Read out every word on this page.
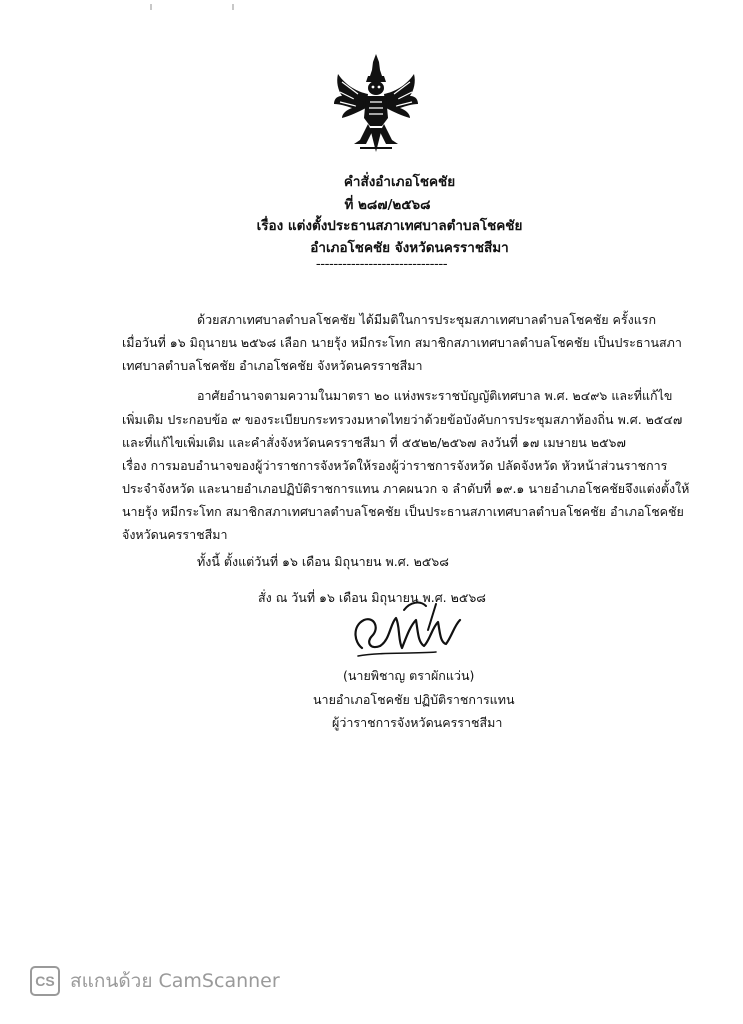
คำสั่งอำเภอโชคชัย
ที่ ๒๘๗/๒๕๖๘
เรื่อง แต่งตั้งประธานสภาเทศบาลตำบลโชคชัย
อำเภอโชคชัย จังหวัดนครราชสีมา
------------------------------
ด้วยสภาเทศบาลตำบลโชคชัย ได้มีมติในการประชุมสภาเทศบาลตำบลโชคชัย ครั้งแรก
เมื่อวันที่ ๑๖ มิถุนายน ๒๕๖๘ เลือก นายรุ้ง หมีกระโทก สมาชิกสภาเทศบาลตำบลโชคชัย เป็นประธานสภา
เทศบาลตำบลโชคชัย อำเภอโชคชัย จังหวัดนครราชสีมา
อาศัยอำนาจตามความในมาตรา ๒๐ แห่งพระราชบัญญัติเทศบาล พ.ศ. ๒๔๙๖ และที่แก้ไข
เพิ่มเติม ประกอบข้อ ๙ ของระเบียบกระทรวงมหาดไทยว่าด้วยข้อบังคับการประชุมสภาท้องถิ่น พ.ศ. ๒๕๔๗
และที่แก้ไขเพิ่มเติม และคำสั่งจังหวัดนครราชสีมา ที่ ๕๕๒๒/๒๕๖๗ ลงวันที่ ๑๗ เมษายน ๒๕๖๗
เรื่อง การมอบอำนาจของผู้ว่าราชการจังหวัดให้รองผู้ว่าราชการจังหวัด ปลัดจังหวัด หัวหน้าส่วนราชการ
ประจำจังหวัด และนายอำเภอปฏิบัติราชการแทน ภาคผนวก จ ลำดับที่ ๑๙.๑ นายอำเภอโชคชัยจึงแต่งตั้งให้
นายรุ้ง หมีกระโทก สมาชิกสภาเทศบาลตำบลโชคชัย เป็นประธานสภาเทศบาลตำบลโชคชัย อำเภอโชคชัย
จังหวัดนครราชสีมา
ทั้งนี้ ตั้งแต่วันที่ ๑๖ เดือน มิถุนายน พ.ศ. ๒๕๖๘
สั่ง ณ วันที่ ๑๖ เดือน มิถุนายน พ.ศ. ๒๕๖๘
(นายพิชาญ ตราผักแว่น)
นายอำเภอโชคชัย ปฏิบัติราชการแทน
ผู้ว่าราชการจังหวัดนครราชสีมา
CS สแกนด้วย CamScanner
